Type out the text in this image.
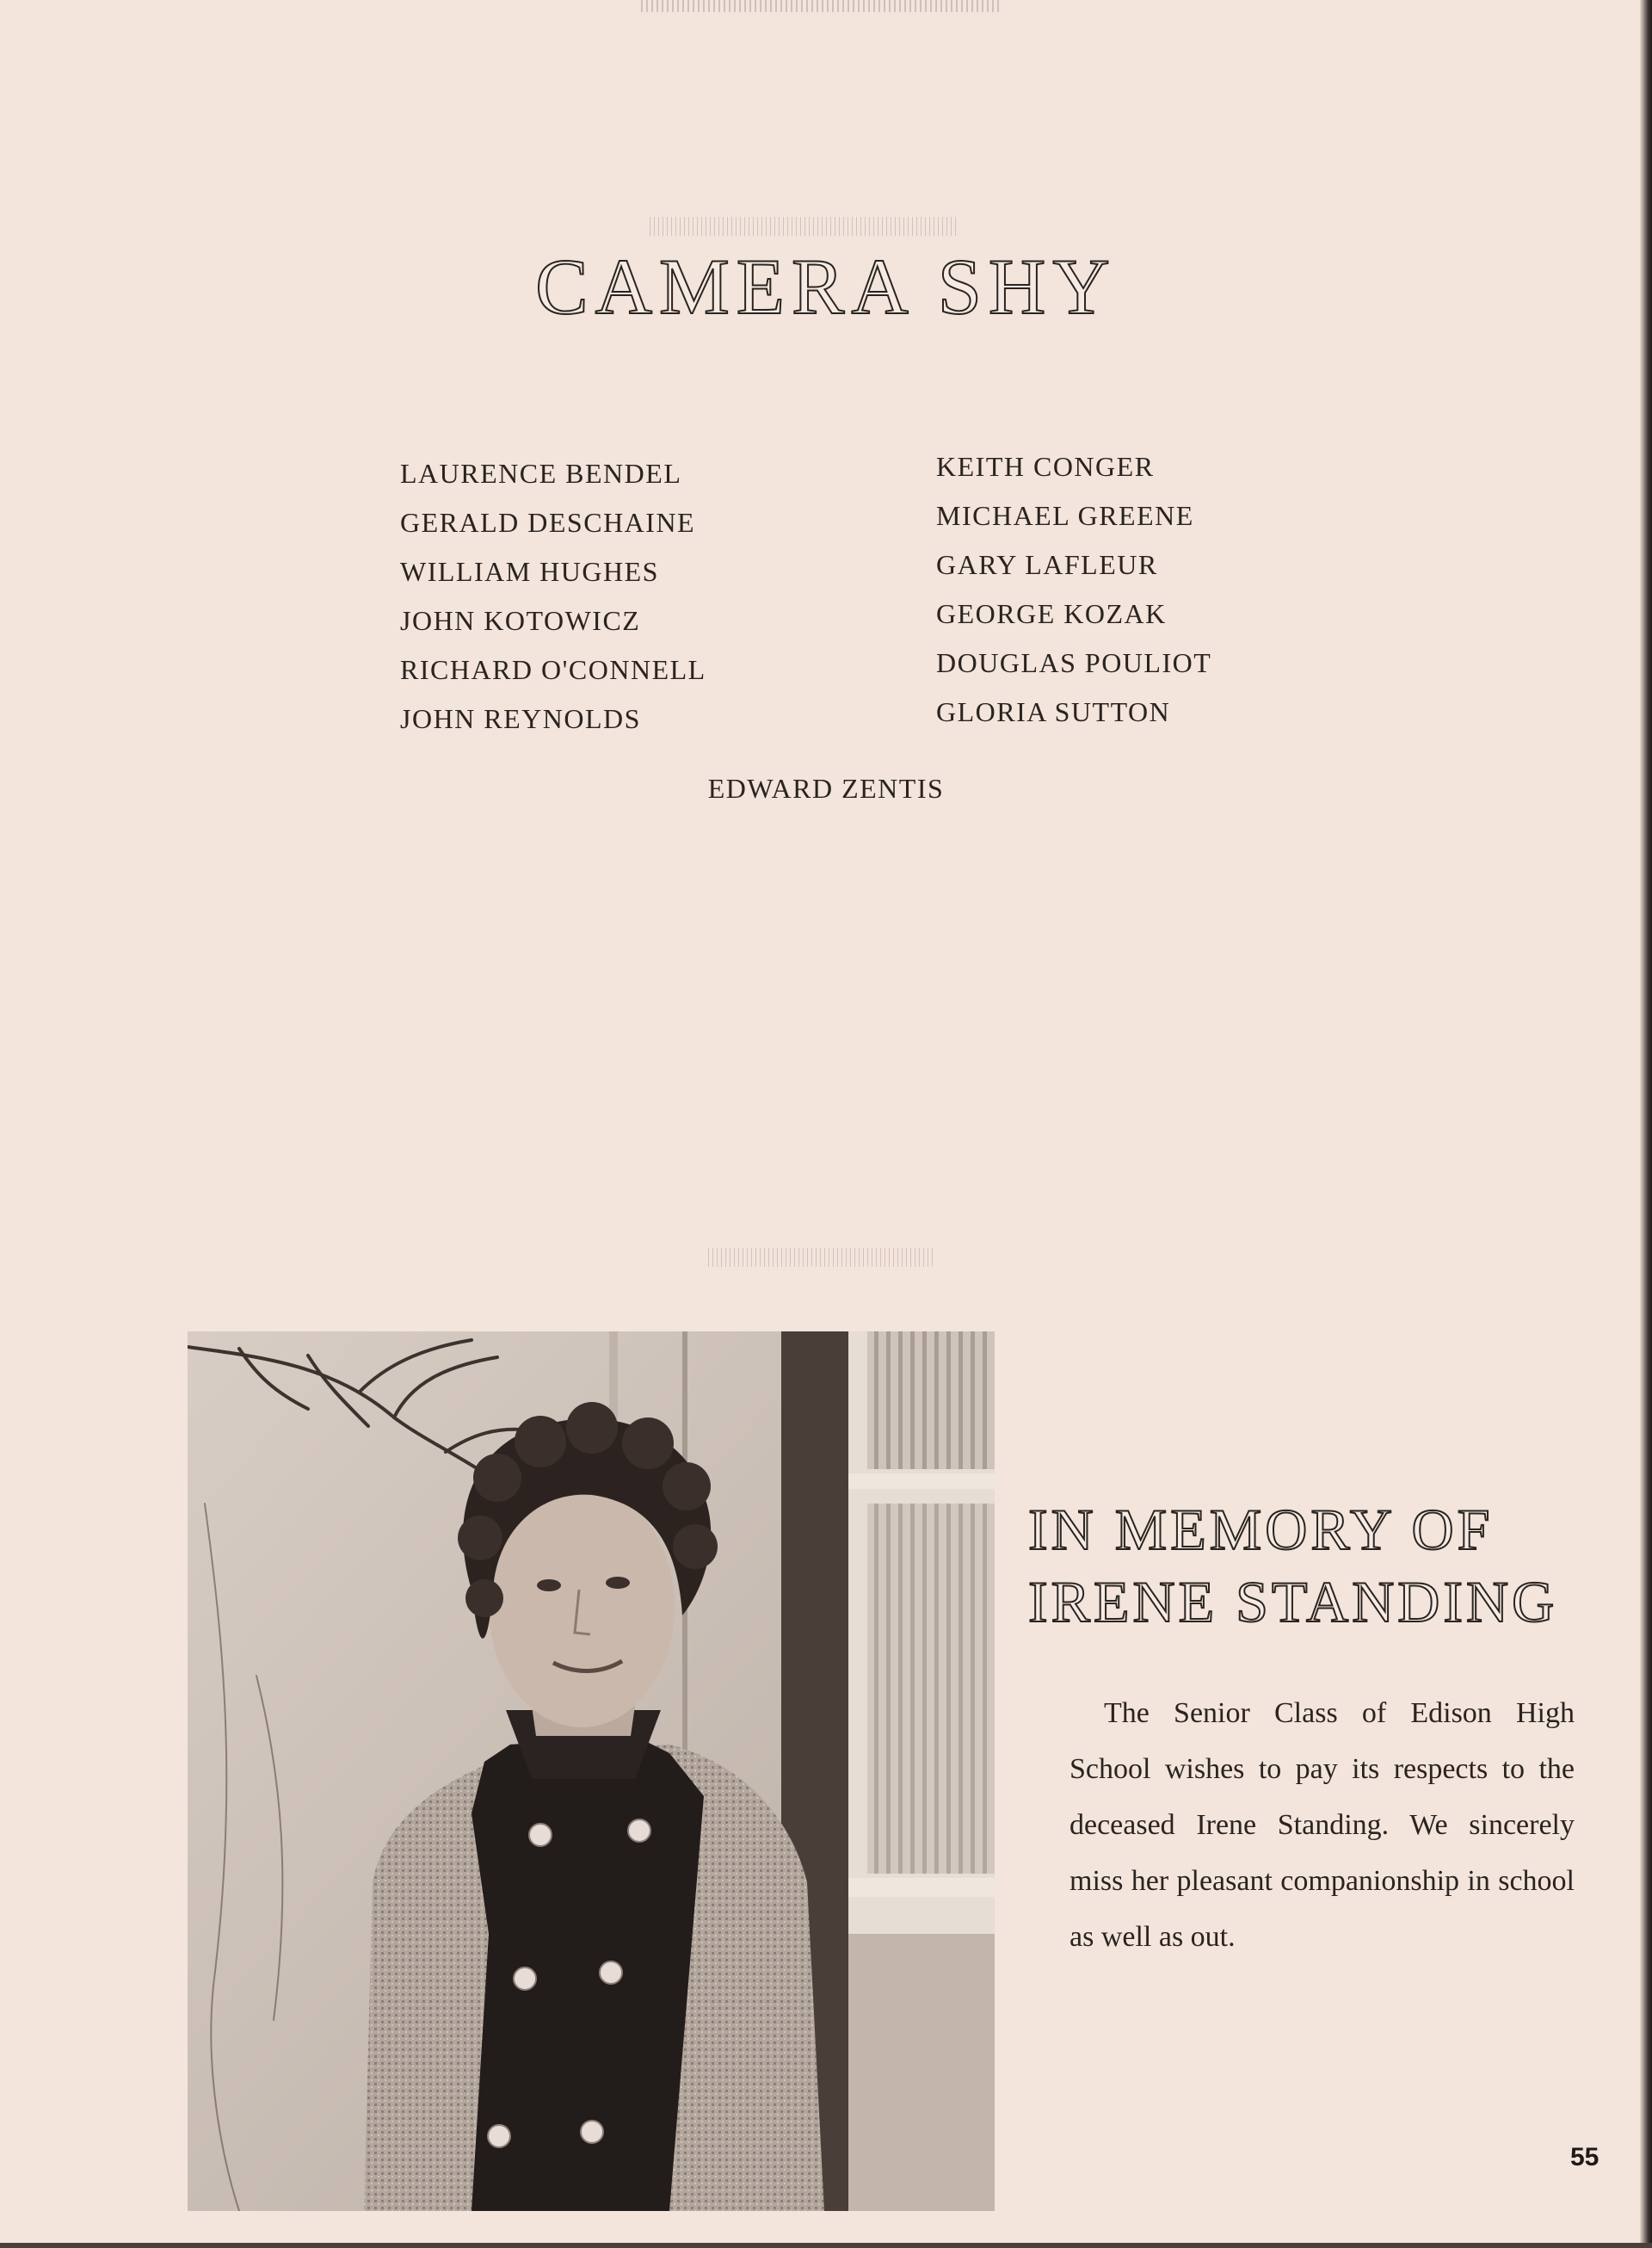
CAMERA SHY
LAURENCE BENDEL
GERALD DESCHAINE
WILLIAM HUGHES
JOHN KOTOWICZ
RICHARD O'CONNELL
JOHN REYNOLDS
KEITH CONGER
MICHAEL GREENE
GARY LAFLEUR
GEORGE KOZAK
DOUGLAS POULIOT
GLORIA SUTTON
EDWARD ZENTIS
IN MEMORY OF
IRENE STANDING

The Senior Class of Edison High School wishes to pay its respects to the deceased Irene Standing. We sincerely miss her pleasant companionship in school as well as out.

55
